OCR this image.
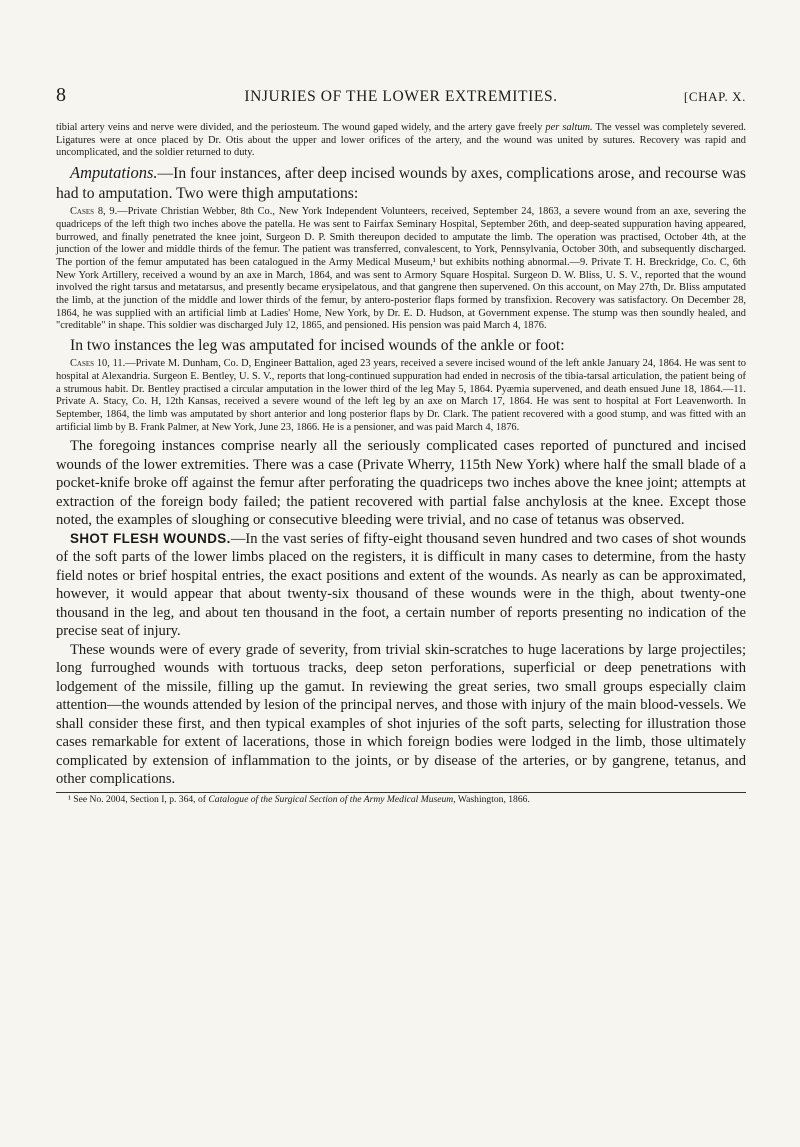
8	INJURIES OF THE LOWER EXTREMITIES.	[CHAP. X.

tibial artery veins and nerve were divided, and the periosteum. The wound gaped widely, and the artery gave freely per saltum. The vessel was completely severed. Ligatures were at once placed by Dr. Otis about the upper and lower orifices of the artery, and the wound was united by sutures. Recovery was rapid and uncomplicated, and the soldier returned to duty.

Amputations.—In four instances, after deep incised wounds by axes, complications arose, and recourse was had to amputation. Two were thigh amputations:

Cases 8, 9.—Private Christian Webber, 8th Co., New York Independent Volunteers, received, September 24, 1863, a severe wound from an axe, severing the quadriceps of the left thigh two inches above the patella. He was sent to Fairfax Seminary Hospital, September 26th, and deep-seated suppuration having appeared, burrowed, and finally penetrated the knee joint, Surgeon D. P. Smith thereupon decided to amputate the limb. The operation was practised, October 4th, at the junction of the lower and middle thirds of the femur. The patient was transferred, convalescent, to York, Pennsylvania, October 30th, and subsequently discharged. The portion of the femur amputated has been catalogued in the Army Medical Museum,¹ but exhibits nothing abnormal.—9. Private T. H. Breckridge, Co. C, 6th New York Artillery, received a wound by an axe in March, 1864, and was sent to Armory Square Hospital. Surgeon D. W. Bliss, U. S. V., reported that the wound involved the right tarsus and metatarsus, and presently became erysipelatous, and that gangrene then supervened. On this account, on May 27th, Dr. Bliss amputated the limb, at the junction of the middle and lower thirds of the femur, by antero-posterior flaps formed by transfixion. Recovery was satisfactory. On December 28, 1864, he was supplied with an artificial limb at Ladies' Home, New York, by Dr. E. D. Hudson, at Government expense. The stump was then soundly healed, and "creditable" in shape. This soldier was discharged July 12, 1865, and pensioned. His pension was paid March 4, 1876.

In two instances the leg was amputated for incised wounds of the ankle or foot:

Cases 10, 11.—Private M. Dunham, Co. D, Engineer Battalion, aged 23 years, received a severe incised wound of the left ankle January 24, 1864. He was sent to hospital at Alexandria. Surgeon E. Bentley, U. S. V., reports that long-continued suppuration had ended in necrosis of the tibia-tarsal articulation, the patient being of a strumous habit. Dr. Bentley practised a circular amputation in the lower third of the leg May 5, 1864. Pyæmia supervened, and death ensued June 18, 1864.—11. Private A. Stacy, Co. H, 12th Kansas, received a severe wound of the left leg by an axe on March 17, 1864. He was sent to hospital at Fort Leavenworth. In September, 1864, the limb was amputated by short anterior and long posterior flaps by Dr. Clark. The patient recovered with a good stump, and was fitted with an artificial limb by B. Frank Palmer, at New York, June 23, 1866. He is a pensioner, and was paid March 4, 1876.

The foregoing instances comprise nearly all the seriously complicated cases reported of punctured and incised wounds of the lower extremities. There was a case (Private Wherry, 115th New York) where half the small blade of a pocket-knife broke off against the femur after perforating the quadriceps two inches above the knee joint; attempts at extraction of the foreign body failed; the patient recovered with partial false anchylosis at the knee. Except those noted, the examples of sloughing or consecutive bleeding were trivial, and no case of tetanus was observed.

SHOT FLESH WOUNDS.—In the vast series of fifty-eight thousand seven hundred and two cases of shot wounds of the soft parts of the lower limbs placed on the registers, it is difficult in many cases to determine, from the hasty field notes or brief hospital entries, the exact positions and extent of the wounds. As nearly as can be approximated, however, it would appear that about twenty-six thousand of these wounds were in the thigh, about twenty-one thousand in the leg, and about ten thousand in the foot, a certain number of reports presenting no indication of the precise seat of injury.

These wounds were of every grade of severity, from trivial skin-scratches to huge lacerations by large projectiles; long furroughed wounds with tortuous tracks, deep seton perforations, superficial or deep penetrations with lodgement of the missile, filling up the gamut. In reviewing the great series, two small groups especially claim attention—the wounds attended by lesion of the principal nerves, and those with injury of the main blood-vessels. We shall consider these first, and then typical examples of shot injuries of the soft parts, selecting for illustration those cases remarkable for extent of lacerations, those in which foreign bodies were lodged in the limb, those ultimately complicated by extension of inflammation to the joints, or by disease of the arteries, or by gangrene, tetanus, and other complications.

¹ See No. 2004, Section I, p. 364, of Catalogue of the Surgical Section of the Army Medical Museum, Washington, 1866.
